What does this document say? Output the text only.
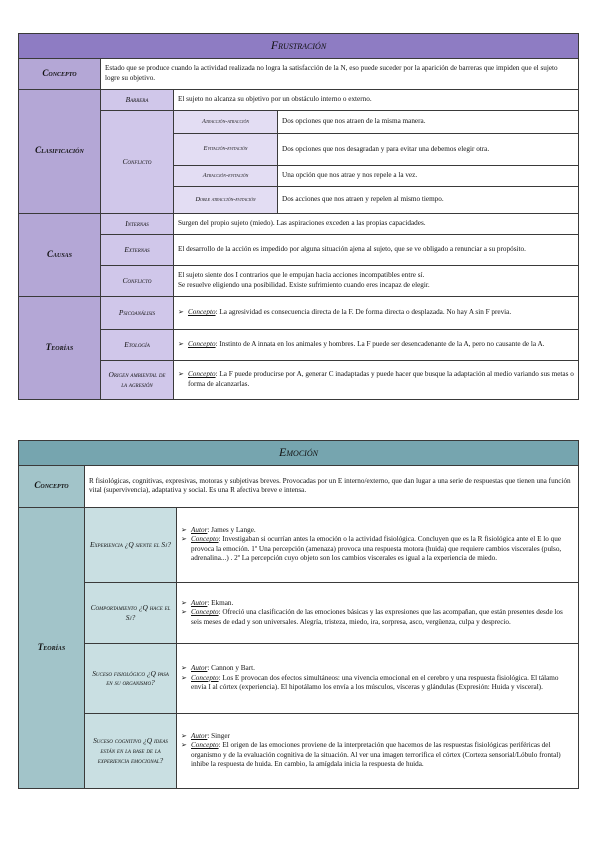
Frustración			
Concepto	Estado que se produce cuando la actividad realizada no logra la satisfacción de la N, eso puede suceder por la aparición de barreras que impiden que el sujeto logre su objetivo.		
Clasificación	Barrera	El sujeto no alcanza su objetivo por un obstáculo interno o externo.	
	Conflicto	Atracción-atracción	Dos opciones que nos atraen de la misma manera.
		Evitación-evitación	Dos opciones que nos desagradan y para evitar una debemos elegir otra.
		Atracción-evitación	Una opción que nos atrae y nos repele a la vez.
		Doble atracción-evitación	Dos acciones que nos atraen y repelen al mismo tiempo.
Causas	Internas	Surgen del propio sujeto (miedo). Las aspiraciones exceden a las propias capacidades.	
	Externas	El desarrollo de la acción es impedido por alguna situación ajena al sujeto, que se ve obligado a renunciar a su propósito.	
	Conflicto	El sujeto siente dos I contrarios que le empujan hacia acciones incompatibles entre sí.
Se resuelve eligiendo una posibilidad. Existe sufrimiento cuando eres incapaz de elegir.	
Teorías	Psicoanálisis	➢ Concepto: La agresividad es consecuencia directa de la F. De forma directa o desplazada. No hay A sin F previa.

	Etología	➢ Concepto: Instinto de A innata en los animales y hombres. La F puede ser desencadenante de la A, pero no causante de la A.

	Origen ambiental de la agresión	➢ Concepto: La F puede producirse por A, generar C inadaptadas y puede hacer que busque la adaptación al medio variando sus metas o forma de alcanzarlas.
Emoción		
Concepto	R fisiológicas, cognitivas, expresivas, motoras y subjetivas breves. Provocadas por un E interno/externo, que dan lugar a una serie de respuestas que tienen una función vital (supervivencia), adaptativa y social. Es una R afectiva breve e intensa.	
Teorías	Experiencia ¿Q siente el Sj?	➢ Autor: James y Lange.
➢ Concepto: Investigaban si ocurrían antes la emoción o la actividad fisiológica. Concluyen que es la R fisiológica ante el E lo que provoca la emoción. 1º Una percepción (amenaza) provoca una respuesta motora (huida) que requiere cambios viscerales (pulso, adrenalina...) . 2º La percepción cuyo objeto son los cambios viscerales es igual a la experiencia de miedo.

	Comportamiento ¿Q hace el Sj?	➢ Autor: Ekman.
➢ Concepto: Ofreció una clasificación de las emociones básicas y las expresiones que las acompañan, que están presentes desde los seis meses de edad y son universales. Alegría, tristeza, miedo, ira, sorpresa, asco, vergüenza, culpa y desprecio.

	Suceso fisiológico ¿Q pasa en su organismo?	➢ Autor: Cannon y Bart.
➢ Concepto: Los E provocan dos efectos simultáneos: una vivencia emocional en el cerebro y una respuesta fisiológica. El tálamo envía I al córtex (experiencia). El hipotálamo los envía a los músculos, vísceras y glándulas (Expresión: Huida y visceral).

	Suceso cognitivo ¿Q ideas están en la base de la experiencia emocional?	➢ Autor: Singer
➢ Concepto: El origen de las emociones proviene de la interpretación que hacemos de las respuestas fisiológicas periféricas del organismo y de la evaluación cognitiva de la situación. Al ver una imagen terrorífica el córtex (Corteza sensorial/Lóbulo frontal) inhibe la respuesta de huida. En cambio, la amígdala inicia la respuesta de huida.
